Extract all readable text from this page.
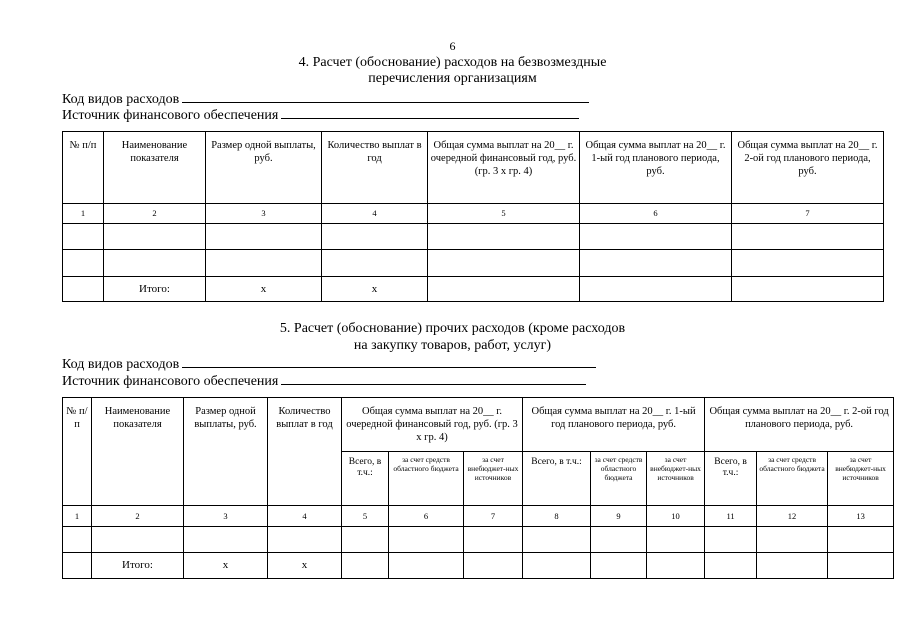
6
4. Расчет (обоснование) расходов на безвозмездные
перечисления организациям
Код видов расходов
Источник финансового обеспечения
№ п/п	Наименование показателя	Размер одной выплаты, руб.	Количество выплат в год	Общая сумма выплат на 20__ г. очередной финансовый год, руб. (гр. 3 х гр. 4)	Общая сумма выплат на 20__ г. 1-ый год планового периода, руб.	Общая сумма выплат на 20__ г. 2-ой год планового периода, руб.
1	2	3	4	5	6	7

	Итого:	х	х			
5. Расчет (обоснование) прочих расходов (кроме расходов
на закупку товаров, работ, услуг)
Код видов расходов
Источник финансового обеспечения
№ п/п	Наименование показателя	Размер одной выплаты, руб.	Количество выплат в год	Общая сумма выплат на 20__ г. очередной финансовый год, руб. (гр. 3 х гр. 4)			Общая сумма выплат на 20__ г. 1-ый год планового периода, руб.			Общая сумма выплат на 20__ г. 2-ой год планового периода, руб.		
				Всего, в т.ч.:	за счет средств областного бюджета	за счет внебюджет-ных источников	Всего, в т.ч.:	за счет средств областного бюджета	за счет внебюджет-ных источников	Всего, в т.ч.:	за счет средств областного бюджета	за счет внебюджет-ных источников
1	2	3	4	5	6	7	8	9	10	11	12	13

	Итого:	х	х									
